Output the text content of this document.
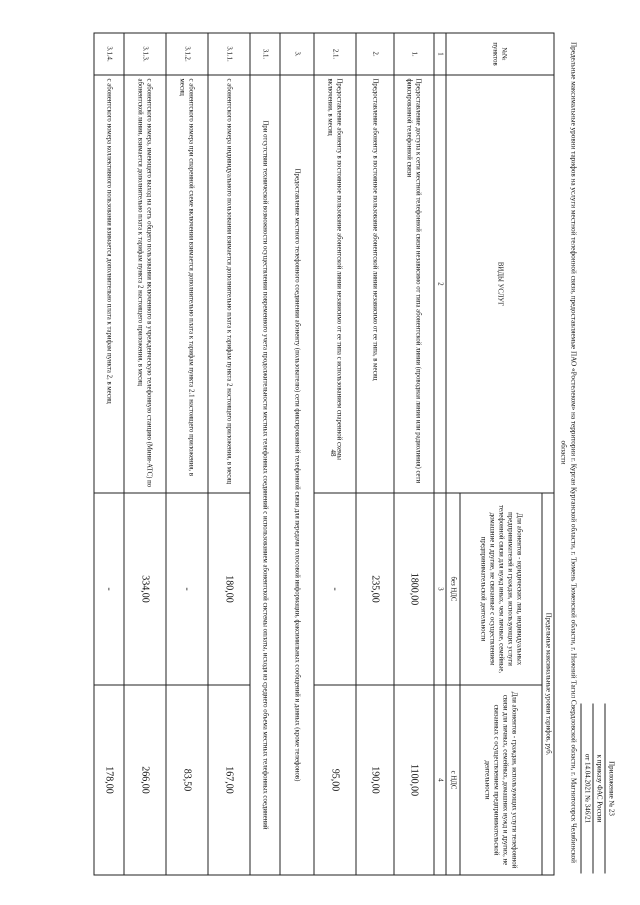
48
Приложение № 23
к приказу ФАС России
от 14.04.2021 № 346/21
Предельные максимальные уровни тарифов на услуги местной телефонной связи, предоставляемые ПАО «Ростелеком» на территории г. Курган Курганской области, г. Тюмень Тюменской области, г. Нижний Тагил Свердловской области, г. Магнитогорск Челябинской области
№№ пунктов	ВИДЫ УСЛУГ	Предельные максимальные уровни тарифов, руб.	
		Для абонентов - юридических лиц, индивидуальных предпринимателей и граждан, использующих услуги телефонной связи для нужд иных, чем личные, семейные, домашние и другие, не связанные с осуществлением предпринимательской деятельности	Для абонентов - граждан, использующих услуги телефонной связи для личных, семейных, домашних нужд и других, не связанных с осуществлением предпринимательской деятельности
		без НДС	с НДС
1	2	3	4
1.	Предоставление доступа к сети местной телефонной связи независимо от типа абонентской линии (проводная линия или радиолиния) сети фиксированной телефонной связи	1800,00	1100,00
2.	Предоставление абоненту в постоянное пользование абонентской линии независимо от ее типа, в месяц	235,00	190,00
2.1.	Предоставление абоненту в постоянное пользование абонентской линии независимо от ее типа с использованием спаренной схемы включения, в месяц	-	95,00
3.	Предоставление местного телефонного соединения абоненту (пользователю) сети фиксированной телефонной связи для передачи голосовой информации, факсимильных сообщений и данных (кроме телефонов)		
3.1.	При отсутствии технической возможности осуществления повременного учета продолжительности местных телефонных соединений с использованием абонентской системы оплаты, исходя из среднего объема местных телефонных соединений		
3.1.1.	с абонентского номера индивидуального пользования взимается дополнительно плата к тарифам пункта 2 настоящего приложения, в месяц	180,00	167,00
3.1.2.	с абонентского номера при спаренной схеме включения взимается дополнительно плата к тарифам пункта 2.1 настоящего приложения, в месяц	-	83,50
3.1.3.	с абонентского номера, имеющего выход на сеть общего пользования включенного в учрежденческую телефонную станцию (Мини-АТС) по абонентской линии, взимается дополнительно плата к тарифам пункта 2 настоящего приложения, в месяц	334,00	266,00
3.1.4.	с абонентского номера коллективного пользования взимается дополнительно плата к тарифам пункта 2, в месяц	-	178,00
